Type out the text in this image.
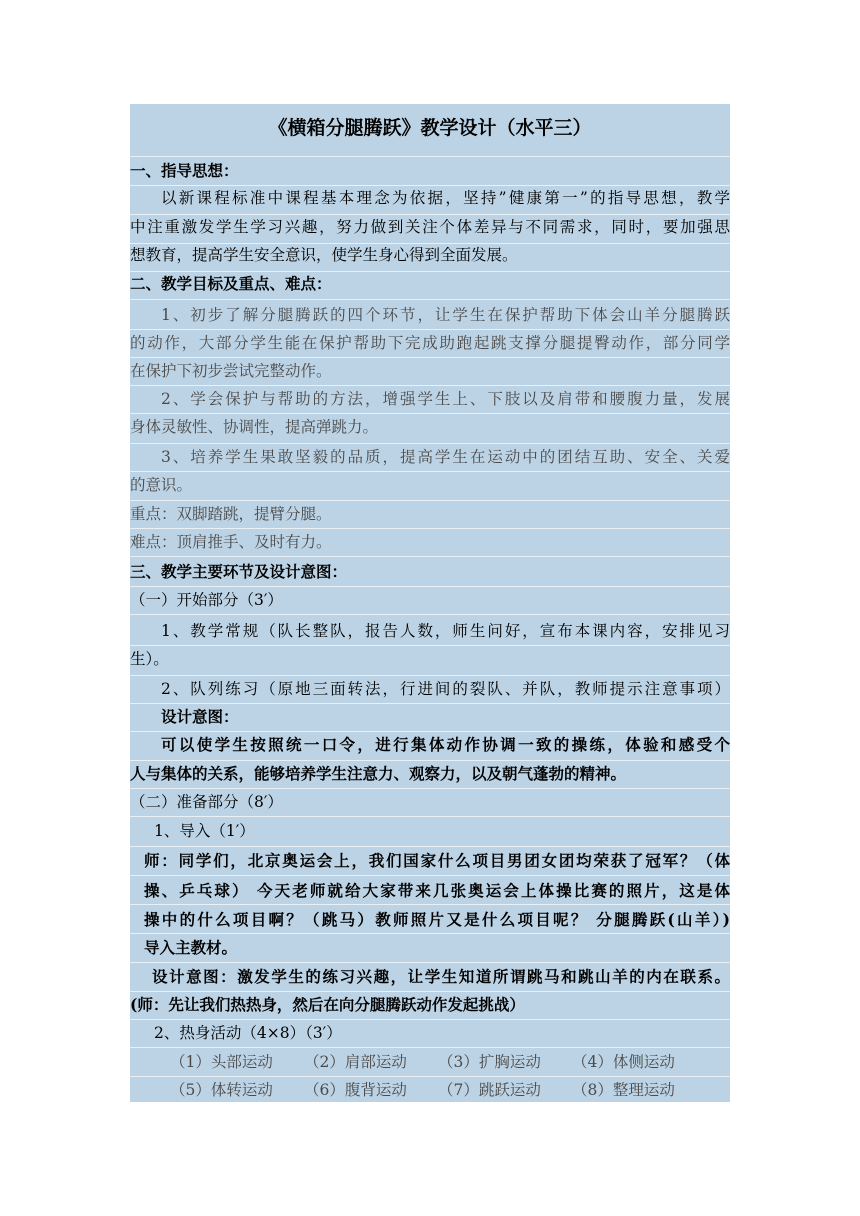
《横箱分腿腾跃》教学设计（水平三）
一、指导思想：
以新课程标准中课程基本理念为依据，坚持”健康第一”的指导思想，教学
中注重激发学生学习兴趣，努力做到关注个体差异与不同需求，同时，要加强思
想教育，提高学生安全意识，使学生身心得到全面发展。
二、教学目标及重点、难点：
1、初步了解分腿腾跃的四个环节，让学生在保护帮助下体会山羊分腿腾跃
的动作，大部分学生能在保护帮助下完成助跑起跳支撑分腿提臀动作，部分同学
在保护下初步尝试完整动作。
2、学会保护与帮助的方法，增强学生上、下肢以及肩带和腰腹力量，发展
身体灵敏性、协调性，提高弹跳力。
3、培养学生果敢坚毅的品质，提高学生在运动中的团结互助、安全、关爱
的意识。
重点：双脚踏跳，提臂分腿。
难点：顶肩推手、及时有力。
三、教学主要环节及设计意图：
（一）开始部分（3′）
1、教学常规（队长整队，报告人数，师生问好，宣布本课内容，安排见习
生）。
2、队列练习（原地三面转法，行进间的裂队、并队，教师提示注意事项）
设计意图：
可以使学生按照统一口令，进行集体动作协调一致的操练，体验和感受个
人与集体的关系，能够培养学生注意力、观察力，以及朝气蓬勃的精神。
（二）准备部分（8′）
1、导入（1′）
师：同学们，北京奥运会上，我们国家什么项目男团女团均荣获了冠军？（体
操、乒乓球） 今天老师就给大家带来几张奥运会上体操比赛的照片，这是体
操中的什么项目啊？（跳马）教师照片又是什么项目呢？ 分腿腾跃(山羊）)
导入主教材。
设计意图：激发学生的练习兴趣，让学生知道所谓跳马和跳山羊的内在联系。
(师：先让我们热热身，然后在向分腿腾跃动作发起挑战）
2、热身活动（4×8）（3′）
（1）头部运动 （2）肩部运动 （3）扩胸运动 （4）体侧运动
（5）体转运动 （6）腹背运动 （7）跳跃运动 （8）整理运动
